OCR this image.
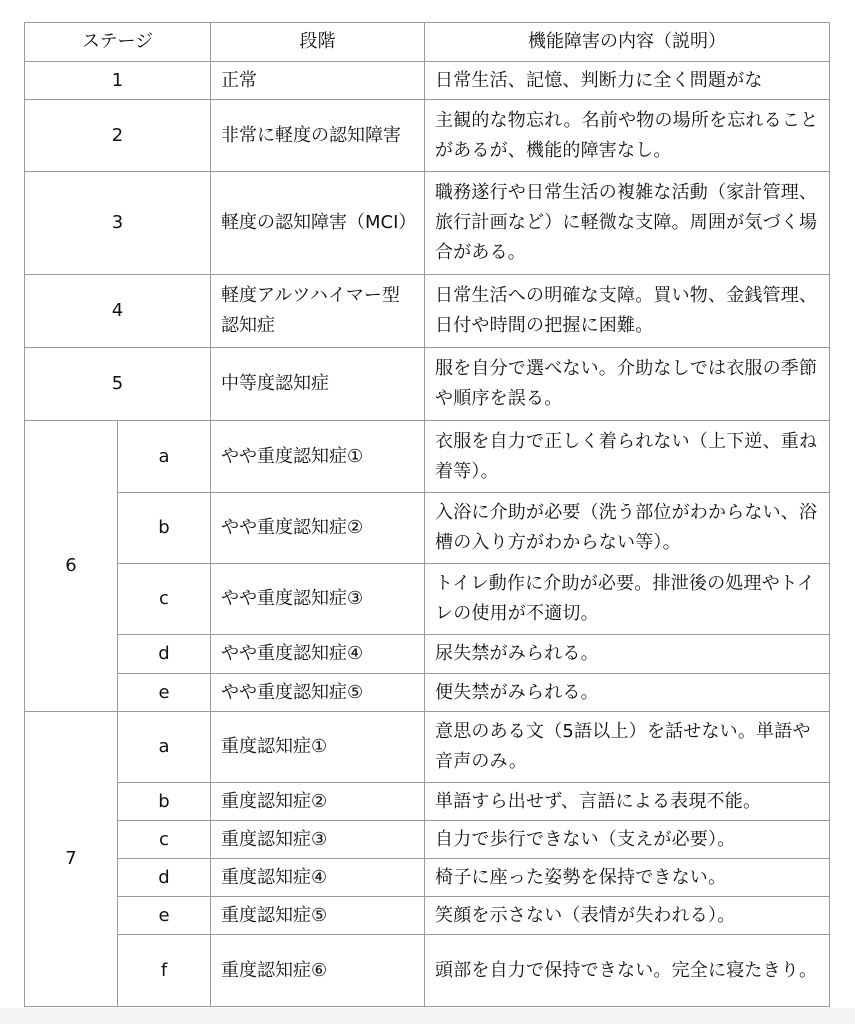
ステージ		段階	機能障害の内容（説明）
1		正常	日常生活、記憶、判断力に全く問題がな
2		非常に軽度の認知障害	主観的な物忘れ。名前や物の場所を忘れることがあるが、機能的障害なし。
3		軽度の認知障害（MCI）	職務遂行や日常生活の複雑な活動（家計管理、旅行計画など）に軽微な支障。周囲が気づく場合がある。
4		軽度アルツハイマー型認知症	日常生活への明確な支障。買い物、金銭管理、日付や時間の把握に困難。
5		中等度認知症	服を自分で選べない。介助なしでは衣服の季節や順序を誤る。
6	a	やや重度認知症①	衣服を自力で正しく着られない（上下逆、重ね着等）。
	b	やや重度認知症②	入浴に介助が必要（洗う部位がわからない、浴槽の入り方がわからない等）。
	c	やや重度認知症③	トイレ動作に介助が必要。排泄後の処理やトイレの使用が不適切。
	d	やや重度認知症④	尿失禁がみられる。
	e	やや重度認知症⑤	便失禁がみられる。
7	a	重度認知症①	意思のある文（5語以上）を話せない。単語や音声のみ。
	b	重度認知症②	単語すら出せず、言語による表現不能。
	c	重度認知症③	自力で歩行できない（支えが必要）。
	d	重度認知症④	椅子に座った姿勢を保持できない。
	e	重度認知症⑤	笑顔を示さない（表情が失われる）。
	f	重度認知症⑥	頭部を自力で保持できない。完全に寝たきり。
